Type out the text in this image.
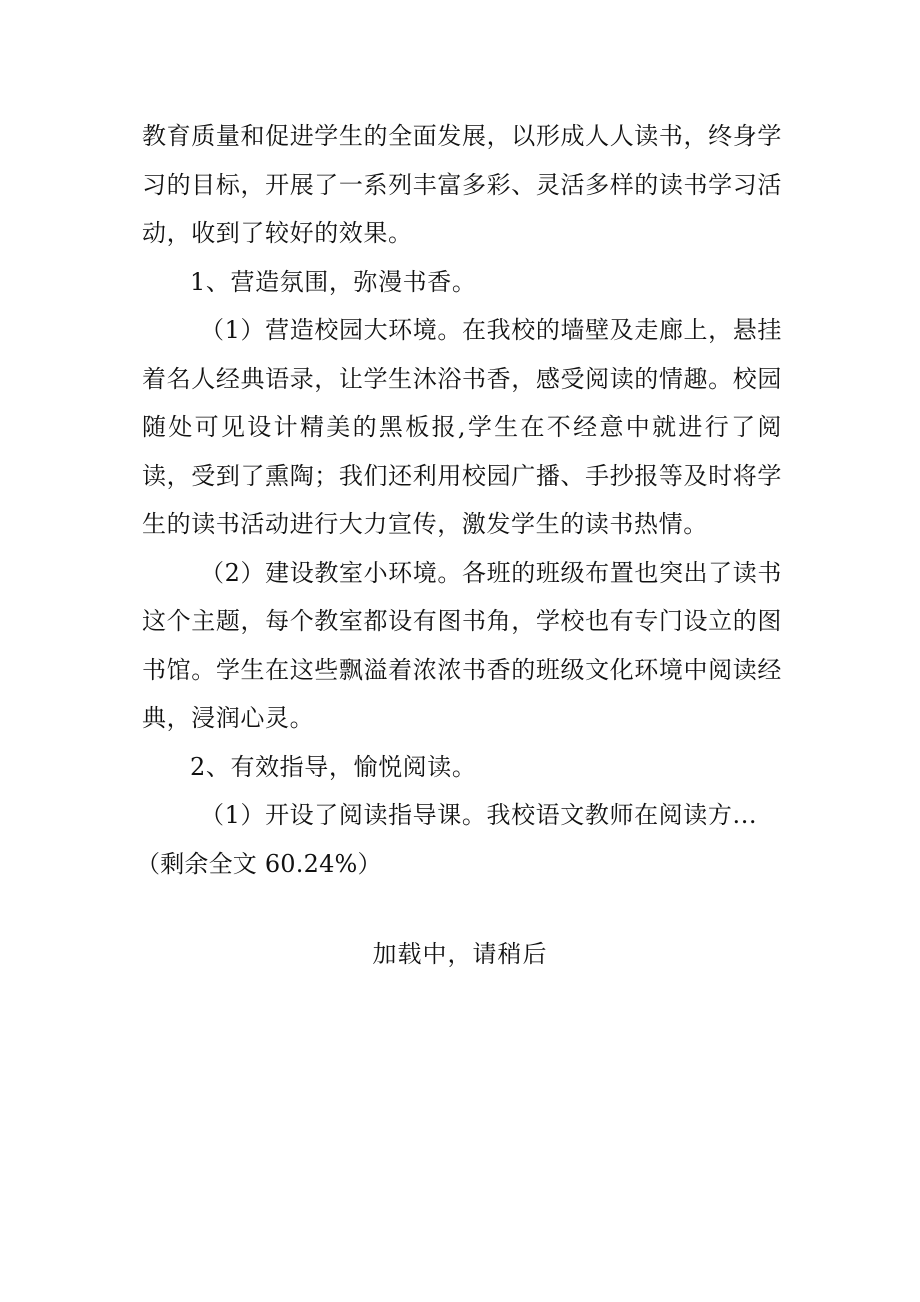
教育质量和促进学生的全面发展，以形成人人读书，终身学习的目标，开展了一系列丰富多彩、灵活多样的读书学习活动，收到了较好的效果。

1、营造氛围，弥漫书香。

（1）营造校园大环境。在我校的墙壁及走廊上，悬挂着名人经典语录，让学生沐浴书香，感受阅读的情趣。校园随处可见设计精美的黑板报,学生在不经意中就进行了阅读，受到了熏陶；我们还利用校园广播、手抄报等及时将学生的读书活动进行大力宣传，激发学生的读书热情。

（2）建设教室小环境。各班的班级布置也突出了读书这个主题，每个教室都设有图书角，学校也有专门设立的图书馆。学生在这些飘溢着浓浓书香的班级文化环境中阅读经典，浸润心灵。

2、有效指导，愉悦阅读。

（1）开设了阅读指导课。我校语文教师在阅读方...

（剩余全文 60.24%）

加载中，请稍后
